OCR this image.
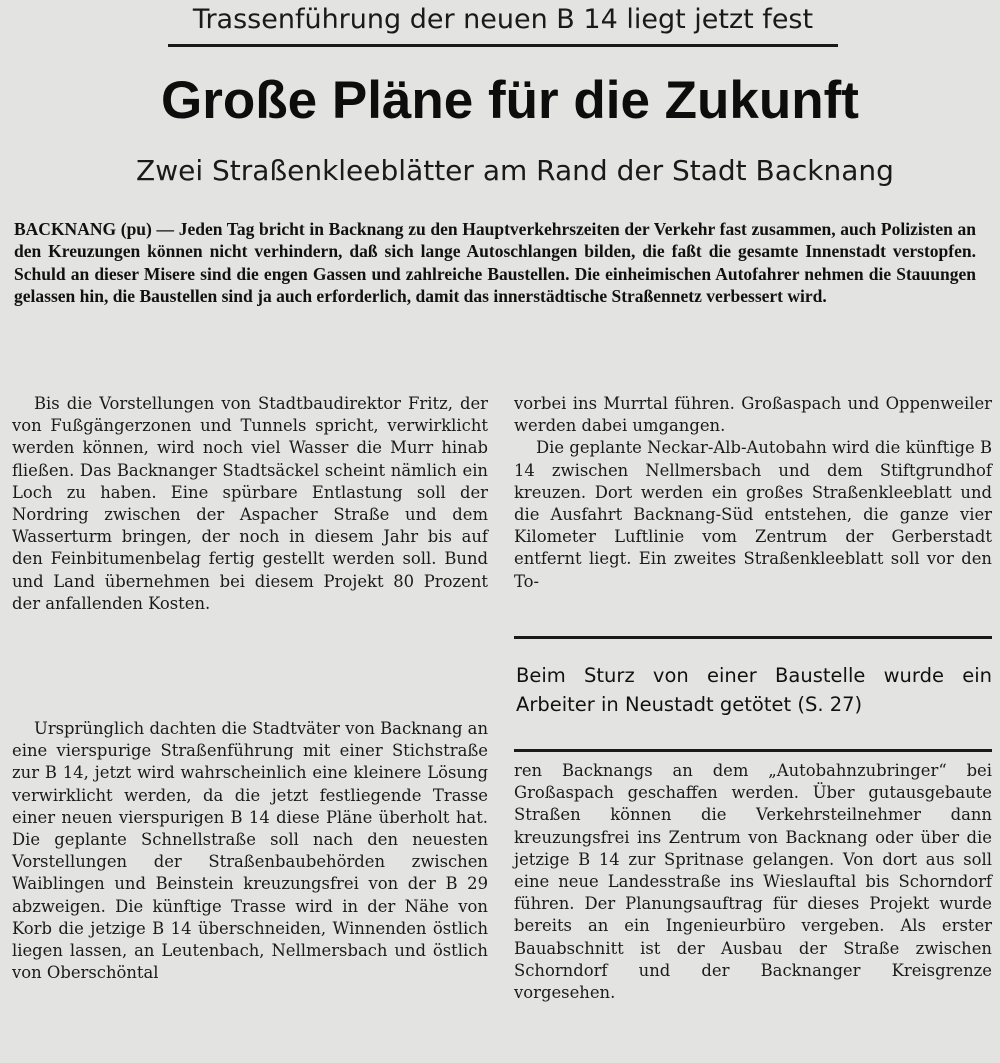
Trassenführung der neuen B 14 liegt jetzt fest
Große Pläne für die Zukunft
Zwei Straßenkleeblätter am Rand der Stadt Backnang
BACKNANG (pu) — Jeden Tag bricht in Backnang zu den Hauptverkehrszeiten der Verkehr fast zusammen, auch Polizisten an den Kreuzungen können nicht verhindern, daß sich lange Autoschlangen bilden, die faßt die gesamte Innenstadt verstopfen. Schuld an dieser Misere sind die engen Gassen und zahlreiche Baustellen. Die einheimischen Autofahrer nehmen die Stauungen gelassen hin, die Baustellen sind ja auch erforderlich, damit das innerstädtische Straßennetz verbessert wird.

Bis die Vorstellungen von Stadtbaudirektor Fritz, der von Fußgängerzonen und Tunnels spricht, verwirklicht werden können, wird noch viel Wasser die Murr hinab fließen. Das Backnanger Stadtsäckel scheint nämlich ein Loch zu haben. Eine spürbare Entlastung soll der Nordring zwischen der Aspacher Straße und dem Wasserturm bringen, der noch in diesem Jahr bis auf den Feinbitumenbelag fertig gestellt werden soll. Bund und Land übernehmen bei diesem Projekt 80 Prozent der anfallenden Kosten.

Ursprünglich dachten die Stadtväter von Backnang an eine vierspurige Straßenführung mit einer Stichstraße zur B 14, jetzt wird wahrscheinlich eine kleinere Lösung verwirklicht werden, da die jetzt festliegende Trasse einer neuen vierspurigen B 14 diese Pläne überholt hat. Die geplante Schnellstraße soll nach den neuesten Vorstellungen der Straßenbaubehörden zwischen Waiblingen und Beinstein kreuzungsfrei von der B 29 abzweigen. Die künftige Trasse wird in der Nähe von Korb die jetzige B 14 überschneiden, Winnenden östlich liegen lassen, an Leutenbach, Nellmersbach und östlich von Oberschöntal

vorbei ins Murrtal führen. Großaspach und Oppenweiler werden dabei umgangen.

Die geplante Neckar-Alb-Autobahn wird die künftige B 14 zwischen Nellmersbach und dem Stiftgrundhof kreuzen. Dort werden ein großes Straßenkleeblatt und die Ausfahrt Backnang-Süd entstehen, die ganze vier Kilometer Luftlinie vom Zentrum der Gerberstadt entfernt liegt. Ein zweites Straßenkleeblatt soll vor den To-

Beim Sturz von einer Baustelle wurde ein Arbeiter in Neustadt getötet (S. 27)

ren Backnangs an dem „Autobahnzubringer“ bei Großaspach geschaffen werden. Über gutausgebaute Straßen können die Verkehrsteilnehmer dann kreuzungsfrei ins Zentrum von Backnang oder über die jetzige B 14 zur Spritnase gelangen. Von dort aus soll eine neue Landesstraße ins Wieslauftal bis Schorndorf führen. Der Planungsauftrag für dieses Projekt wurde bereits an ein Ingenieurbüro vergeben. Als erster Bauabschnitt ist der Ausbau der Straße zwischen Schorndorf und der Backnanger Kreisgrenze vorgesehen.
